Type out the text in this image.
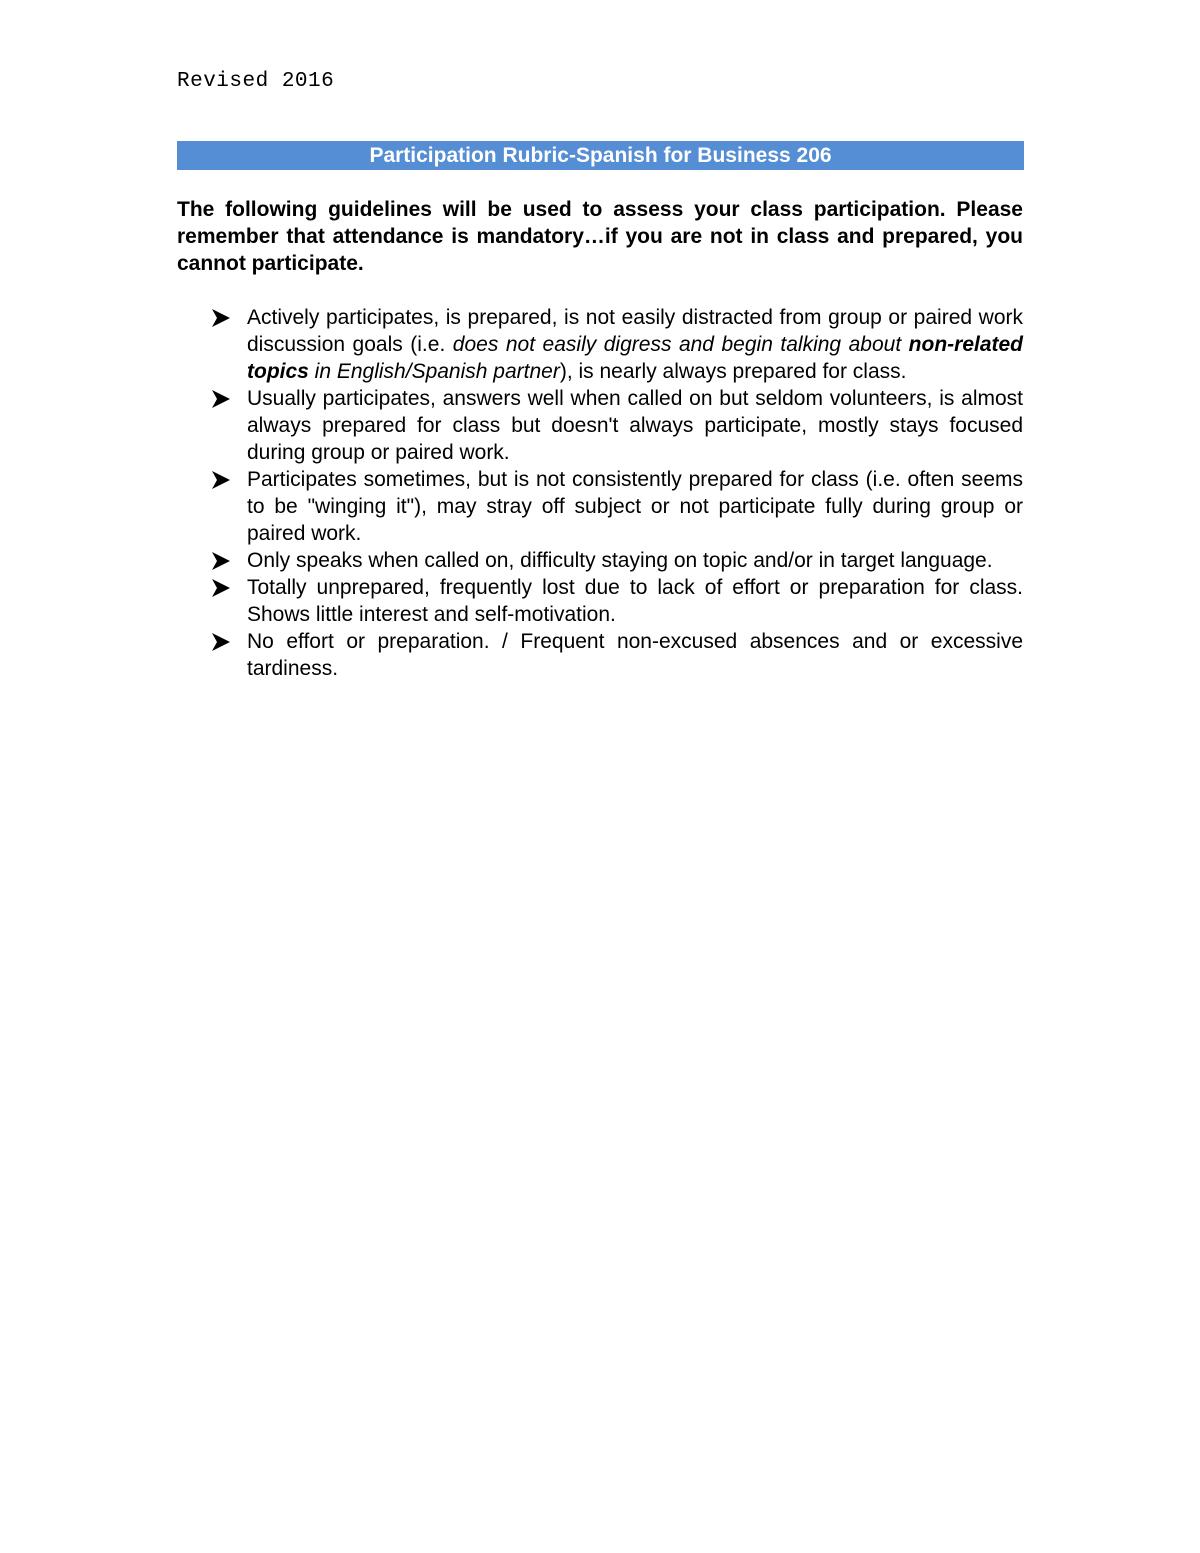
Revised 2016
Participation Rubric-Spanish for Business 206

The following guidelines will be used to assess your class participation. Please remember that attendance is mandatory…if you are not in class and prepared, you cannot participate.

Actively participates, is prepared, is not easily distracted from group or paired work discussion goals (i.e. does not easily digress and begin talking about non-related topics in English/Spanish partner), is nearly always prepared for class.
Usually participates, answers well when called on but seldom volunteers, is almost always prepared for class but doesn't always participate, mostly stays focused during group or paired work.
Participates sometimes, but is not consistently prepared for class (i.e. often seems to be "winging it"), may stray off subject or not participate fully during group or paired work.
Only speaks when called on, difficulty staying on topic and/or in target language.
Totally unprepared, frequently lost due to lack of effort or preparation for class. Shows little interest and self-motivation.
No effort or preparation. / Frequent non-excused absences and or excessive tardiness.
